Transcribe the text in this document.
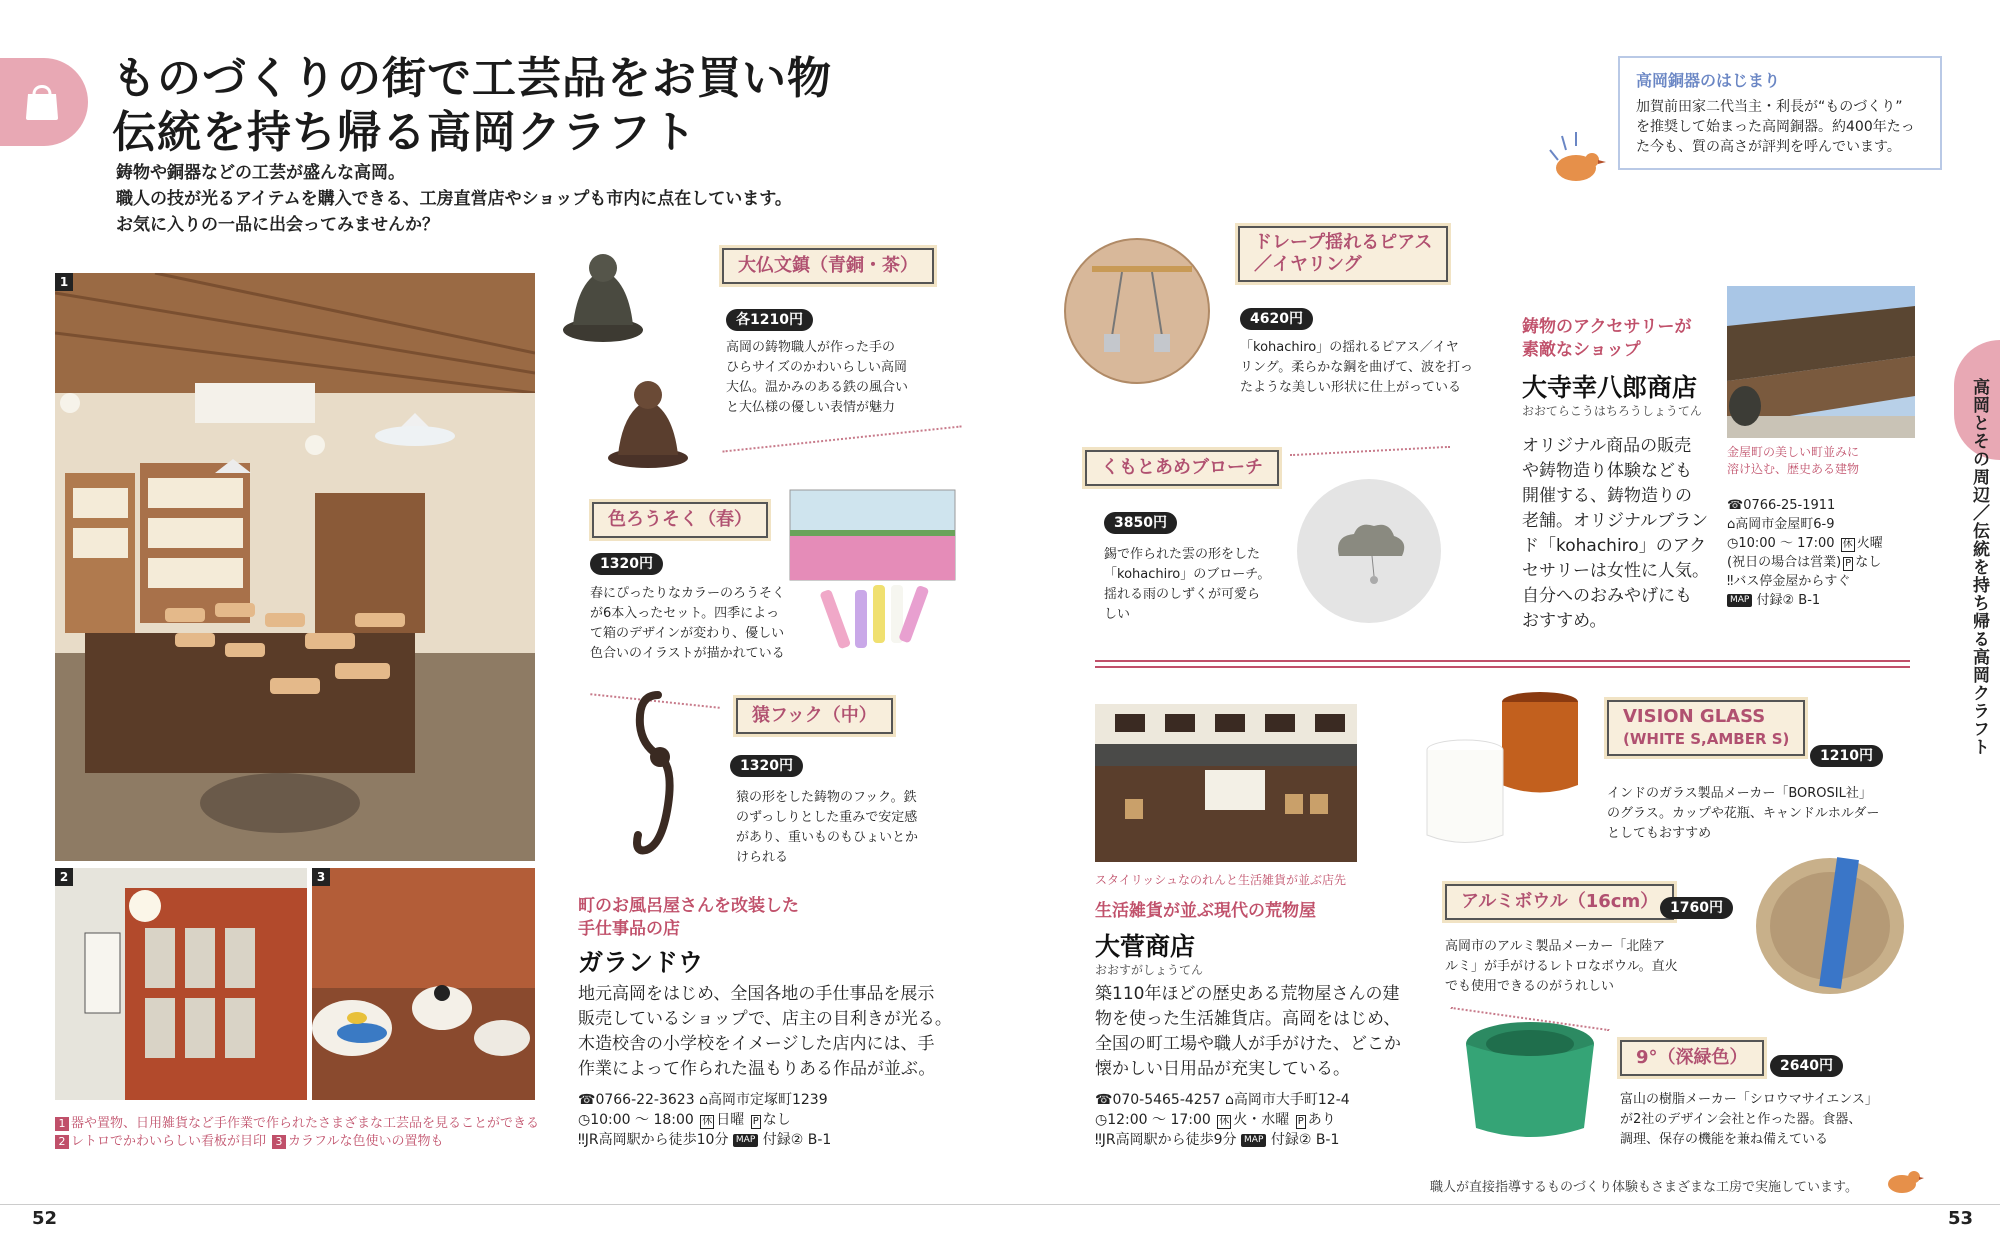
ものづくりの街で工芸品をお買い物
伝統を持ち帰る高岡クラフト
鋳物や銅器などの工芸が盛んな高岡。
職人の技が光るアイテムを購入できる、工房直営店やショップも市内に点在しています。
お気に入りの一品に出会ってみませんか？
1
2	3
1 器や置物、日用雑貨など手作業で作られたさまざまな工芸品を見ることができる
2 レトロでかわいらしい看板が目印 3 カラフルな色使いの置物も
大仏文鎮（青銅・茶）
各1210円
高岡の鋳物職人が作った手の
ひらサイズのかわいらしい高岡
大仏。温かみのある鉄の風合い
と大仏様の優しい表情が魅力
色ろうそく（春）
1320円
春にぴったりなカラーのろうそく
が6本入ったセット。四季によっ
て箱のデザインが変わり、優しい
色合いのイラストが描かれている
猿フック（中）
1320円
猿の形をした鋳物のフック。鉄
のずっしりとした重みで安定感
があり、重いものもひょいとか
けられる
町のお風呂屋さんを改装した
手仕事品の店
ガランドウ
地元高岡をはじめ、全国各地の手仕事品を展示
販売しているショップで、店主の目利きが光る。
木造校舎の小学校をイメージした店内には、手
作業によって作られた温もりある作品が並ぶ。
☎0766-22-3623 ⌂高岡市定塚町1239
◷10:00 ～ 18:00 休 日曜 P なし
‼JR高岡駅から徒歩10分 MAP 付録② B-1
52
ドレープ揺れるピアス
／イヤリング
4620円
「kohachiro」の揺れるピアス／イヤ
リング。柔らかな鋼を曲げて、波を打っ
たような美しい形状に仕上がっている
くもとあめブローチ
3850円
錫で作られた雲の形をした
「kohachiro」のブローチ。
揺れる雨のしずくが可愛ら
しい
高岡銅器のはじまり
加賀前田家二代当主・利長が“ものづくり”
を推奨して始まった高岡銅器。約400年たっ
た今も、質の高さが評判を呼んでいます。
鋳物のアクセサリーが
素敵なショップ
大寺幸八郎商店
おおてらこうはちろうしょうてん
オリジナル商品の販売
や鋳物造り体験なども
開催する、鋳物造りの
老舗。オリジナルブラン
ド「kohachiro」のアク
セサリーは女性に人気。
自分へのおみやげにも
おすすめ。
金屋町の美しい町並みに
溶け込む、歴史ある建物
☎0766-25-1911
⌂高岡市金屋町6-9
◷10:00 ～ 17:00 休 火曜
(祝日の場合は営業) P なし
‼バス停金屋からすぐ
MAP 付録② B-1
スタイリッシュなのれんと生活雑貨が並ぶ店先
生活雑貨が並ぶ現代の荒物屋
大菅商店
おおすがしょうてん
築110年ほどの歴史ある荒物屋さんの建
物を使った生活雑貨店。高岡をはじめ、
全国の町工場や職人が手がけた、どこか
懐かしい日用品が充実している。
☎070-5465-4257 ⌂高岡市大手町12-4
◷12:00 ～ 17:00 休 火・水曜 P あり
‼JR高岡駅から徒歩9分 MAP 付録② B-1
VISION GLASS
(WHITE S,AMBER S)
1210円
インドのガラス製品メーカー「BOROSIL社」
のグラス。カップや花瓶、キャンドルホルダー
としてもおすすめ
アルミボウル（16cm） 1760円
高岡市のアルミ製品メーカー「北陸ア
ルミ」が手がけるレトロなボウル。直火
でも使用できるのがうれしい
9°（深緑色）	2640円
富山の樹脂メーカー「シロウマサイエンス」
が2社のデザイン会社と作った器。食器、
調理、保存の機能を兼ね備えている
高岡とその周辺／伝統を持ち帰る高岡クラフト
職人が直接指導するものづくり体験もさまざまな工房で実施しています。
53
